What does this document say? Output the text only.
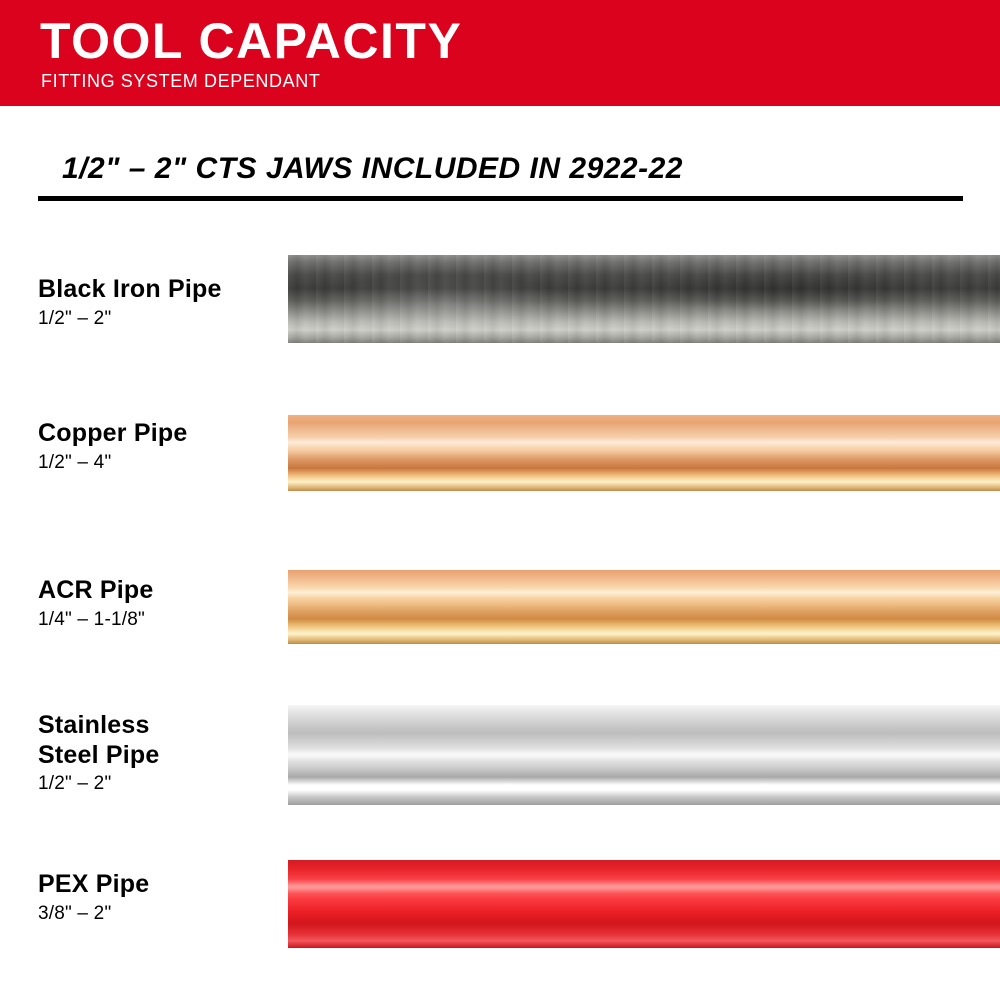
TOOL CAPACITY
FITTING SYSTEM DEPENDANT
1/2" – 2" CTS JAWS INCLUDED IN 2922-22
Black Iron Pipe
1/2" – 2"
Copper Pipe
1/2" – 4"
ACR Pipe
1/4" – 1-1/8"
Stainless
Steel Pipe
1/2" – 2"
PEX Pipe
3/8" – 2"
